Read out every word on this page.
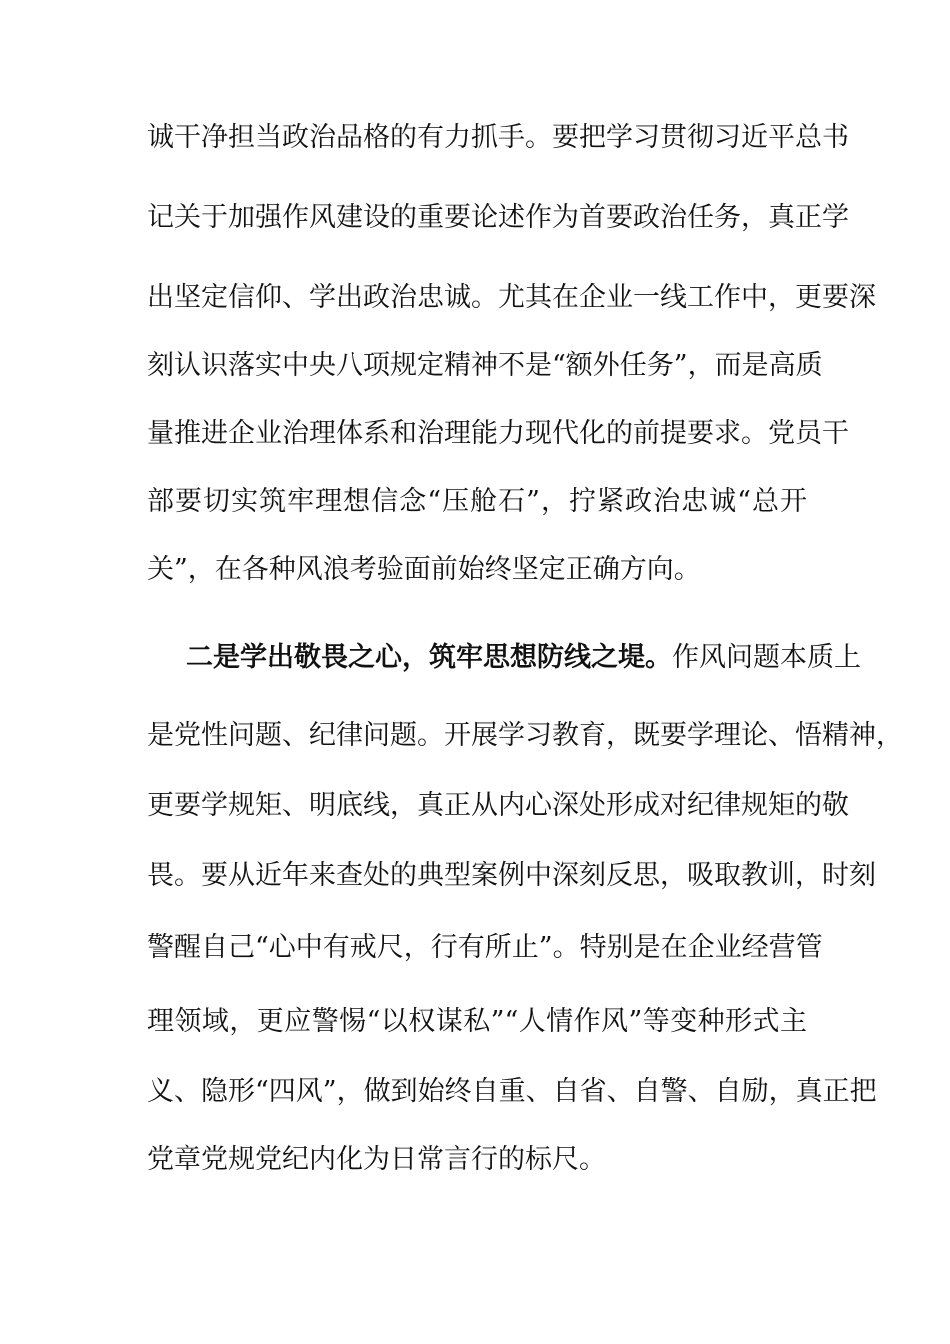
诚干净担当政治品格的有力抓手。要把学习贯彻习近平总书

记关于加强作风建设的重要论述作为首要政治任务，真正学

出坚定信仰、学出政治忠诚。尤其在企业一线工作中，更要深

刻认识落实中央八项规定精神不是“额外任务”，而是高质

量推进企业治理体系和治理能力现代化的前提要求。党员干

部要切实筑牢理想信念“压舱石”，拧紧政治忠诚“总开

关”，在各种风浪考验面前始终坚定正确方向。

二是学出敬畏之心，筑牢思想防线之堤。作风问题本质上

是党性问题、纪律问题。开展学习教育，既要学理论、悟精神，

更要学规矩、明底线，真正从内心深处形成对纪律规矩的敬

畏。要从近年来查处的典型案例中深刻反思，吸取教训，时刻

警醒自己“心中有戒尺，行有所止”。特别是在企业经营管

理领域，更应警惕“以权谋私”“人情作风”等变种形式主

义、隐形“四风”，做到始终自重、自省、自警、自励，真正把

党章党规党纪内化为日常言行的标尺。
